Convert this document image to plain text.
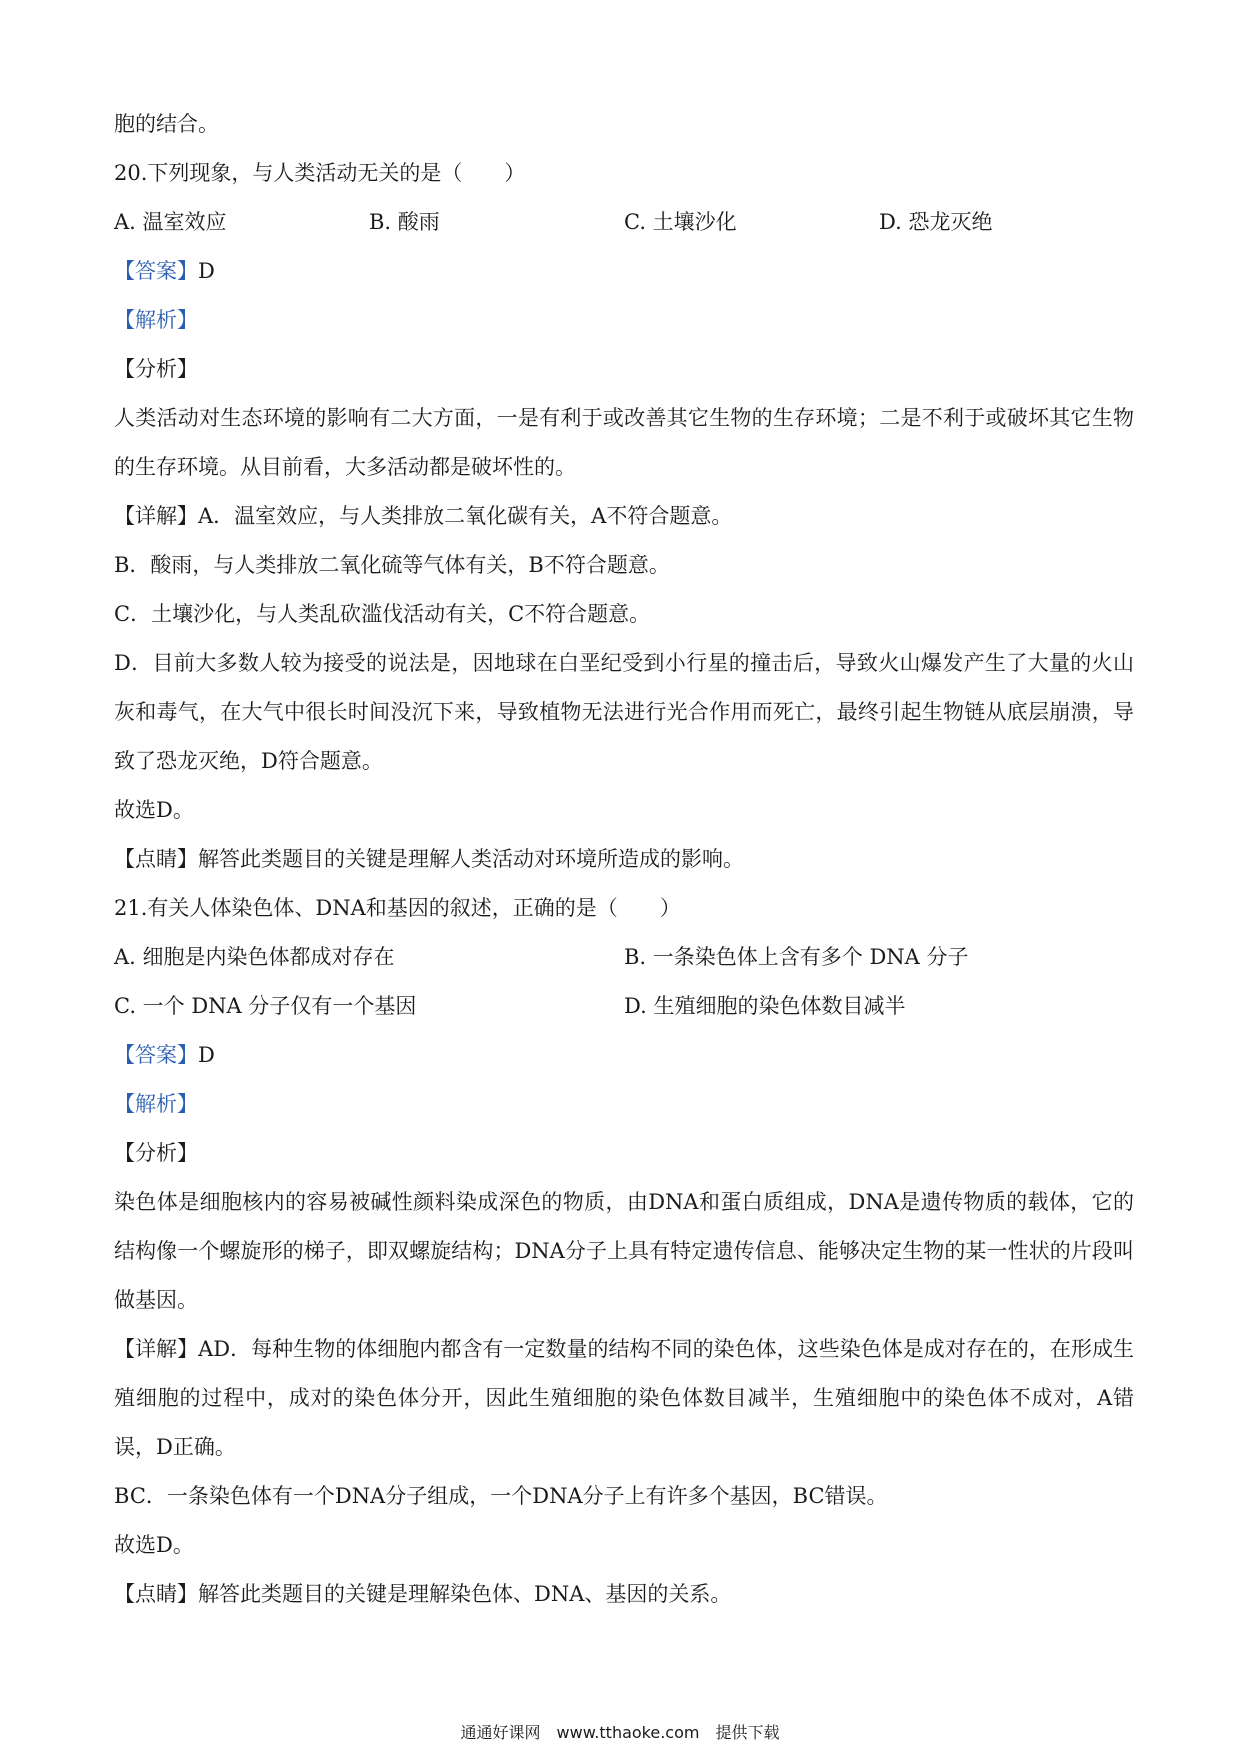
胞的结合。
20.下列现象，与人类活动无关的是（　　）
A. 温室效应	B. 酸雨	C. 土壤沙化	D. 恐龙灭绝
【答案】D
【解析】
【分析】
人类活动对生态环境的影响有二大方面，一是有利于或改善其它生物的生存环境；二是不利于或破坏其它生物的生存环境。从目前看，大多活动都是破坏性的。
【详解】A．温室效应，与人类排放二氧化碳有关，A不符合题意。
B．酸雨，与人类排放二氧化硫等气体有关，B不符合题意。
C．土壤沙化，与人类乱砍滥伐活动有关，C不符合题意。
D．目前大多数人较为接受的说法是，因地球在白垩纪受到小行星的撞击后，导致火山爆发产生了大量的火山灰和毒气，在大气中很长时间没沉下来，导致植物无法进行光合作用而死亡，最终引起生物链从底层崩溃，导致了恐龙灭绝，D符合题意。
故选D。
【点睛】解答此类题目的关键是理解人类活动对环境所造成的影响。
21.有关人体染色体、DNA和基因的叙述，正确的是（　　）
A. 细胞是内染色体都成对存在	B. 一条染色体上含有多个 DNA 分子
C. 一个 DNA 分子仅有一个基因	D. 生殖细胞的染色体数目减半
【答案】D
【解析】
【分析】
染色体是细胞核内的容易被碱性颜料染成深色的物质，由DNA和蛋白质组成，DNA是遗传物质的载体，它的结构像一个螺旋形的梯子，即双螺旋结构；DNA分子上具有特定遗传信息、能够决定生物的某一性状的片段叫做基因。
【详解】AD．每种生物的体细胞内都含有一定数量的结构不同的染色体，这些染色体是成对存在的，在形成生殖细胞的过程中，成对的染色体分开，因此生殖细胞的染色体数目减半，生殖细胞中的染色体不成对，A错误，D正确。
BC．一条染色体有一个DNA分子组成，一个DNA分子上有许多个基因，BC错误。
故选D。
【点睛】解答此类题目的关键是理解染色体、DNA、基因的关系。
通通好课网　www.tthaoke.com　提供下载
